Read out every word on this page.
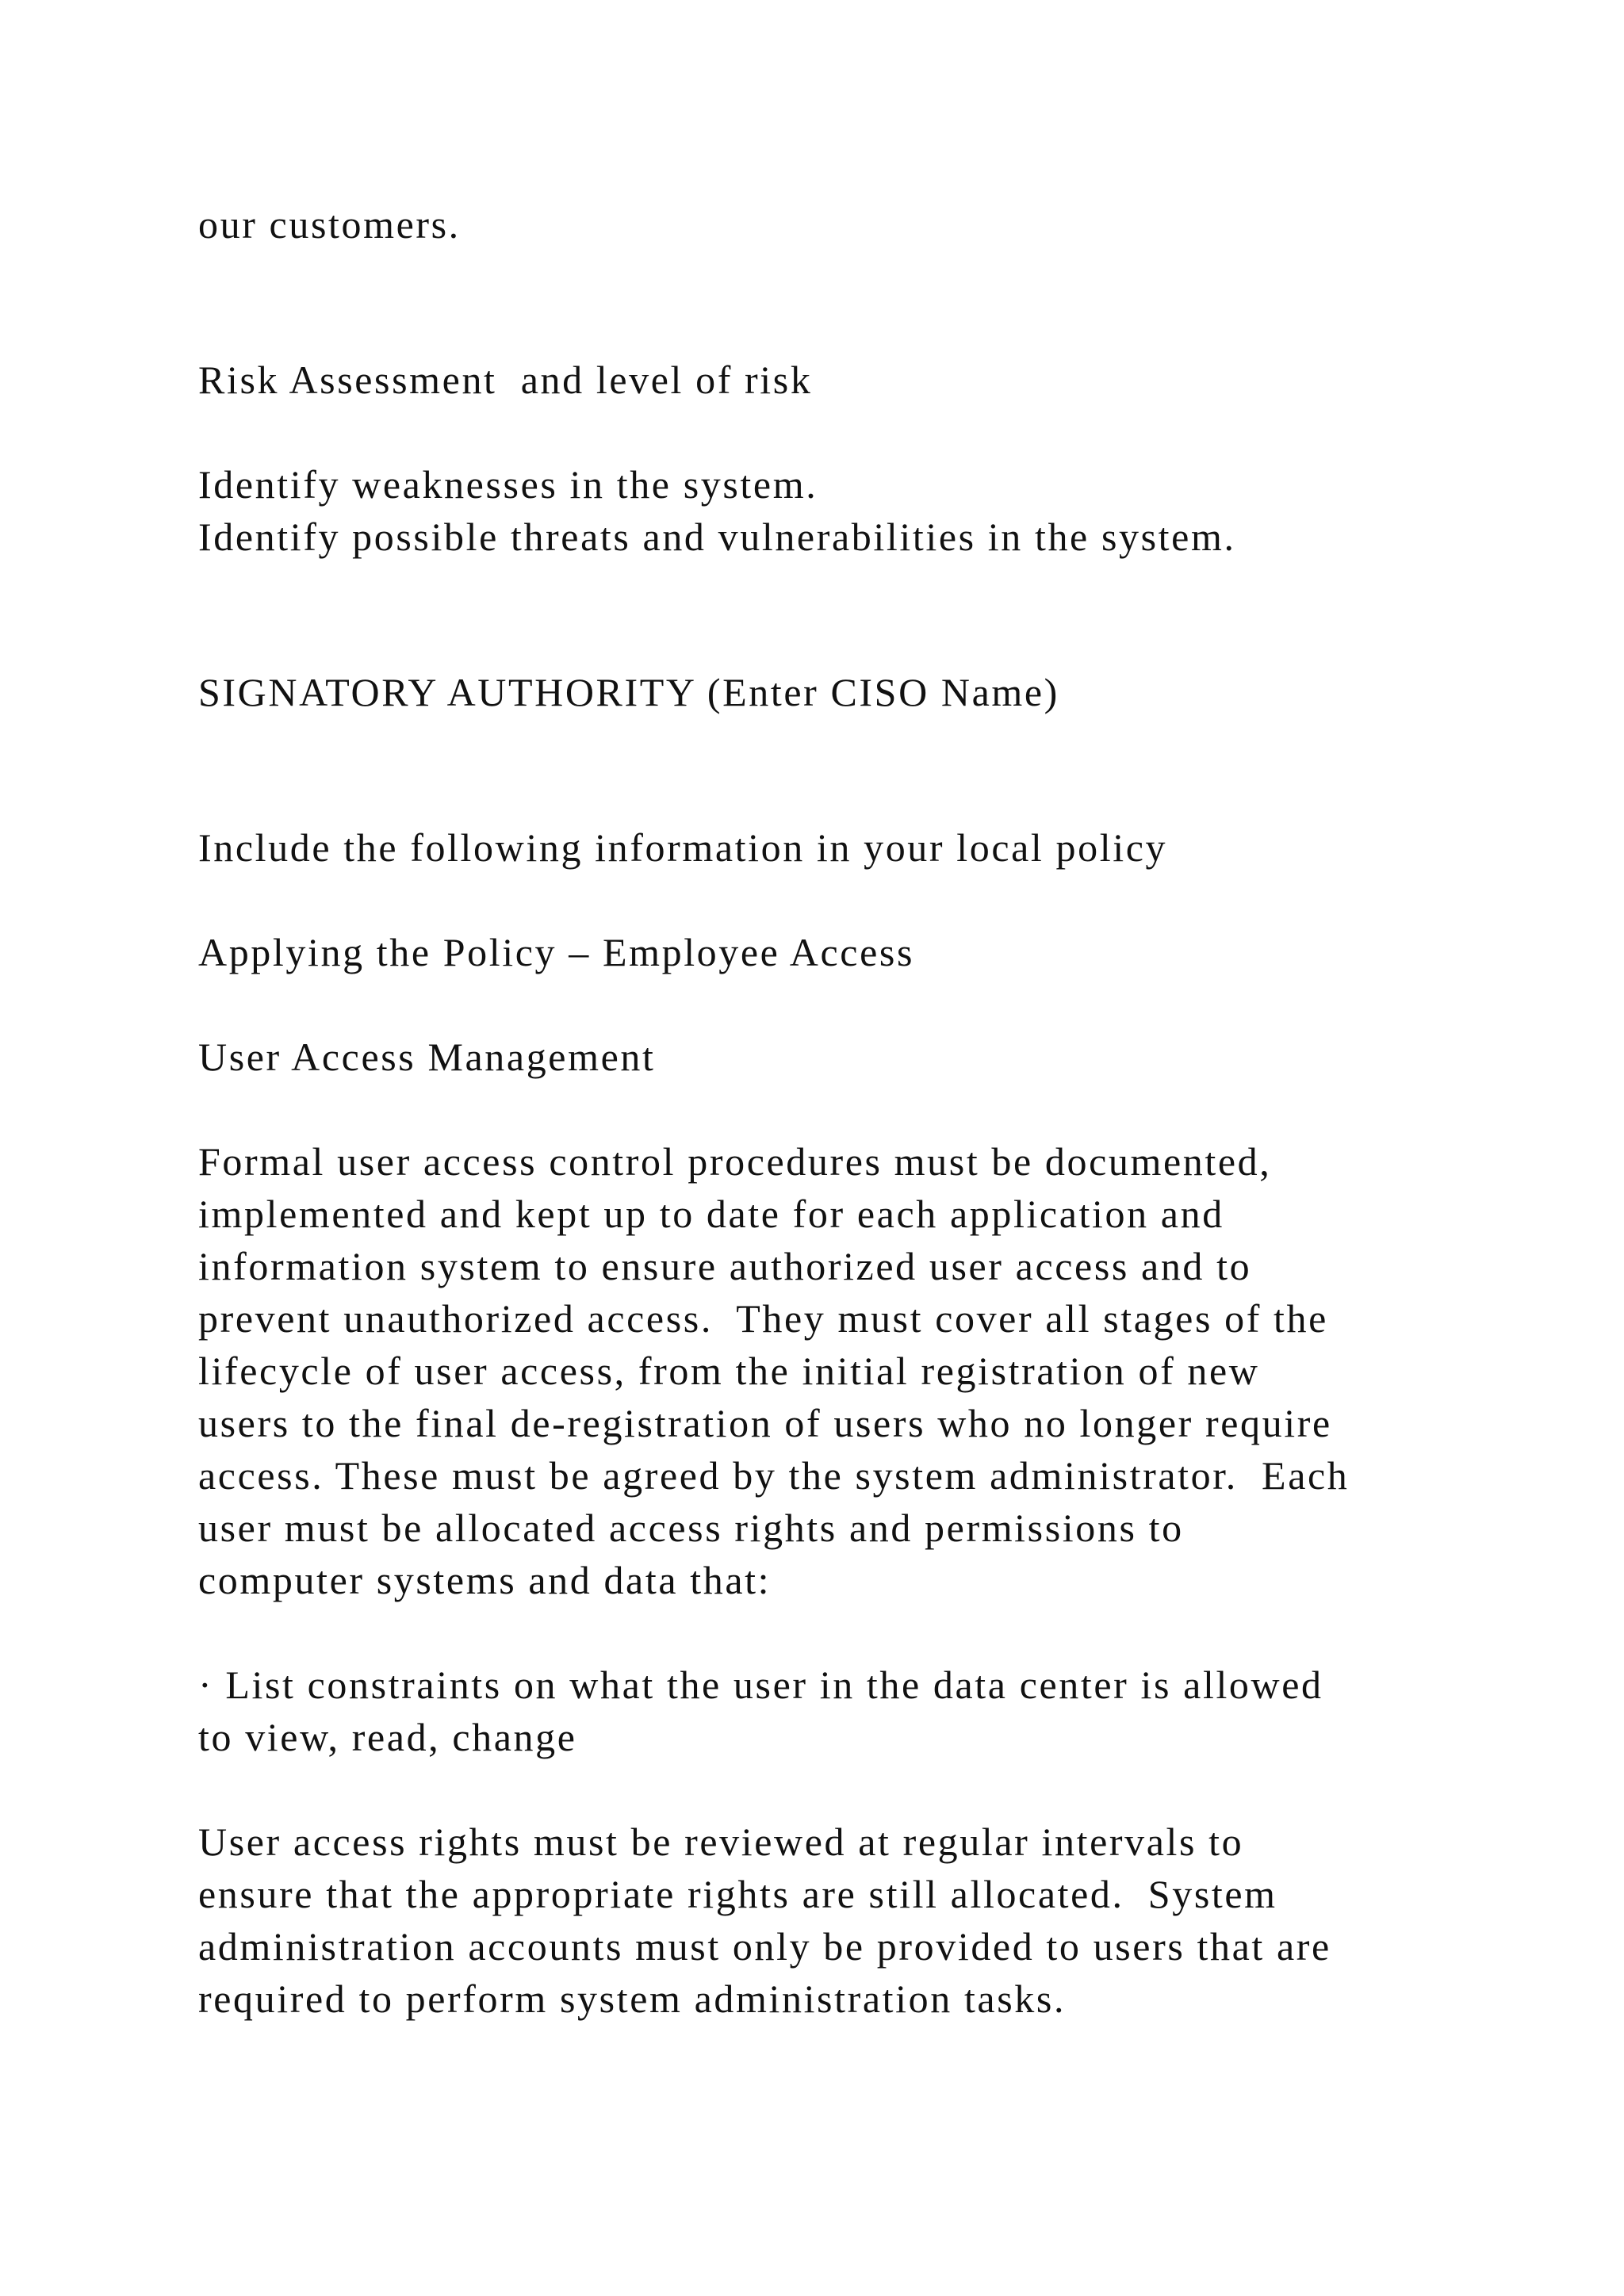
our customers.

Risk Assessment  and level of risk

Identify weaknesses in the system.

Identify possible threats and vulnerabilities in the system.

SIGNATORY AUTHORITY (Enter CISO Name)

Include the following information in your local policy

Applying the Policy – Employee Access

User Access Management

Formal user access control procedures must be documented,

implemented and kept up to date for each application and

information system to ensure authorized user access and to

prevent unauthorized access.  They must cover all stages of the

lifecycle of user access, from the initial registration of new

users to the final de-registration of users who no longer require

access. These must be agreed by the system administrator.  Each

user must be allocated access rights and permissions to

computer systems and data that:

· List constraints on what the user in the data center is allowed

to view, read, change

User access rights must be reviewed at regular intervals to

ensure that the appropriate rights are still allocated.  System

administration accounts must only be provided to users that are

required to perform system administration tasks.
